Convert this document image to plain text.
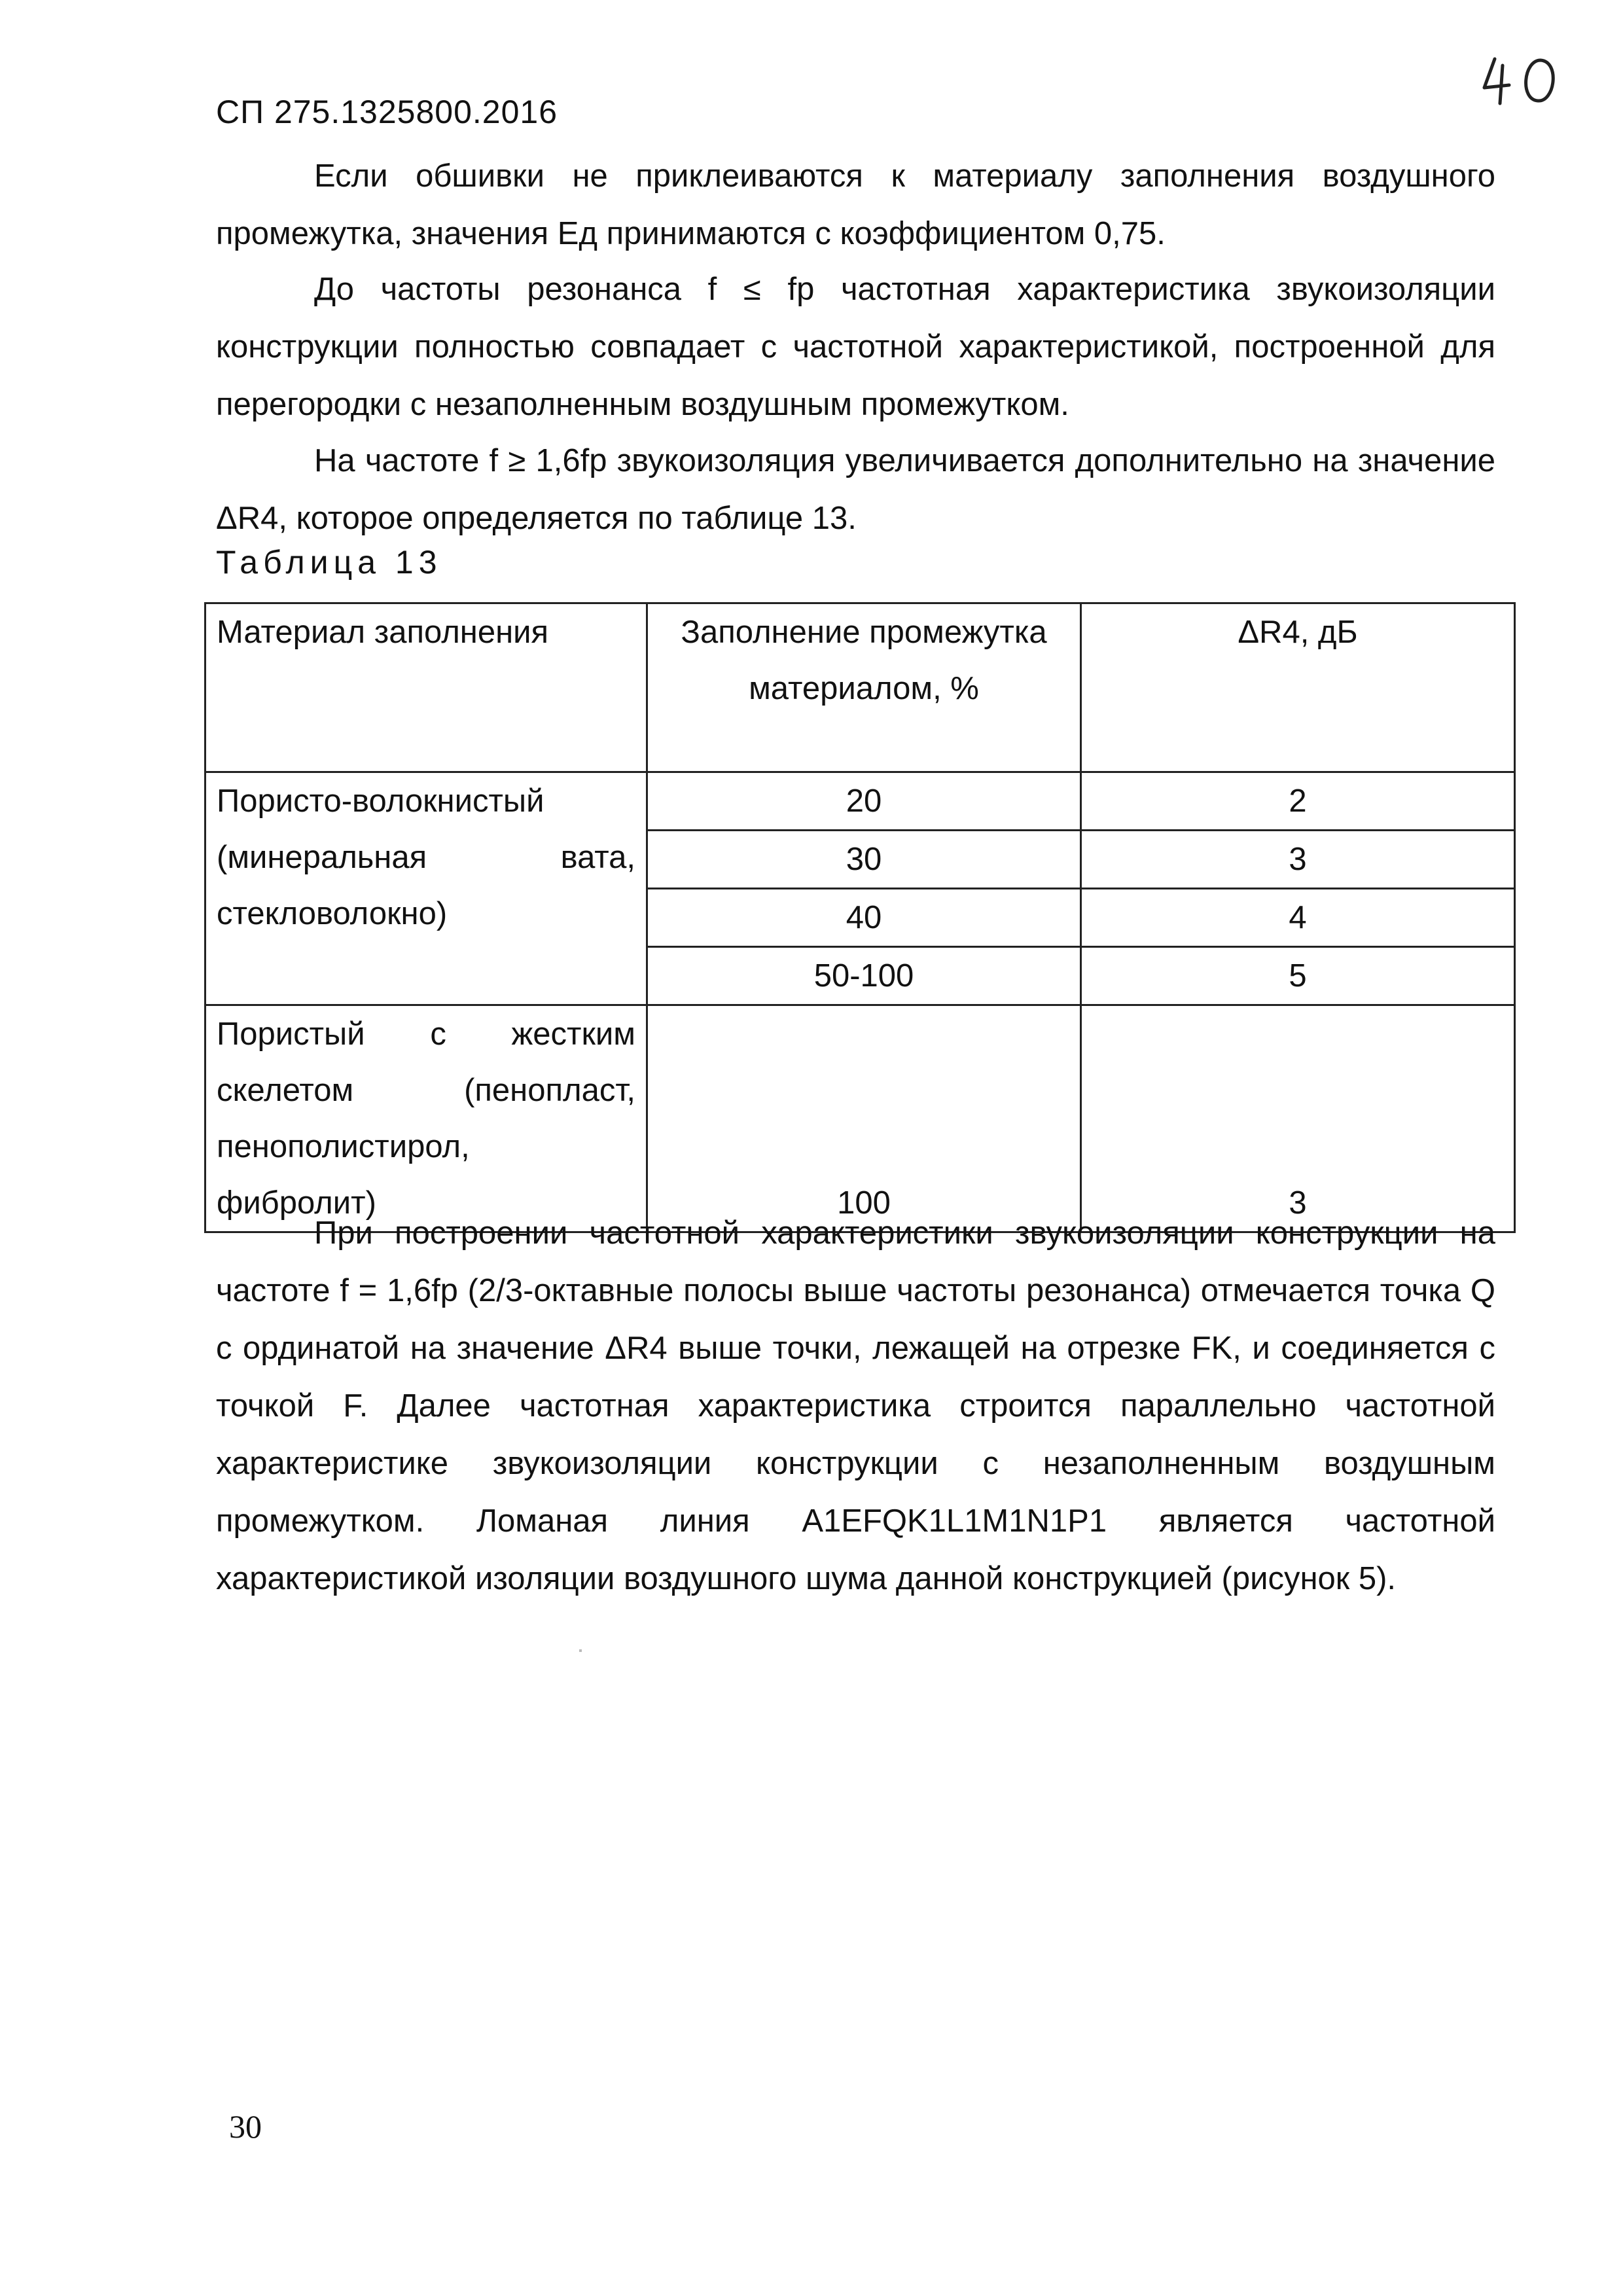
СП 275.1325800.2016

Если обшивки не приклеиваются к материалу заполнения воздушного промежутка, значения Eд принимаются с коэффициентом 0,75.

До частоты резонанса f ≤ fр частотная характеристика звукоизоляции конструкции полностью совпадает с частотной характеристикой, построенной для перегородки с незаполненным воздушным промежутком.

На частоте f ≥ 1,6fр звукоизоляция увеличивается дополнительно на значение ΔR4, которое определяется по таблице 13.

Таблица 13
Материал заполнения	Заполнение промежутка материалом, %	ΔR4, дБ
Пористо-волокнистый (минеральная вата, стекловолокно)	20	2
	30	3
	40	4
	50-100	5
Пористый с жестким скелетом (пенопласт, пенополистирол, фибролит)	100	3

При построении частотной характеристики звукоизоляции конструкции на частоте f = 1,6fр (2/3-октавные полосы выше частоты резонанса) отмечается точка Q с ординатой на значение ΔR4 выше точки, лежащей на отрезке FK, и соединяется с точкой F. Далее частотная характеристика строится параллельно частотной характеристике звукоизоляции конструкции с незаполненным воздушным промежутком. Ломаная линия A1EFQK1L1M1N1P1 является частотной характеристикой изоляции воздушного шума данной конструкцией (рисунок 5).

30
